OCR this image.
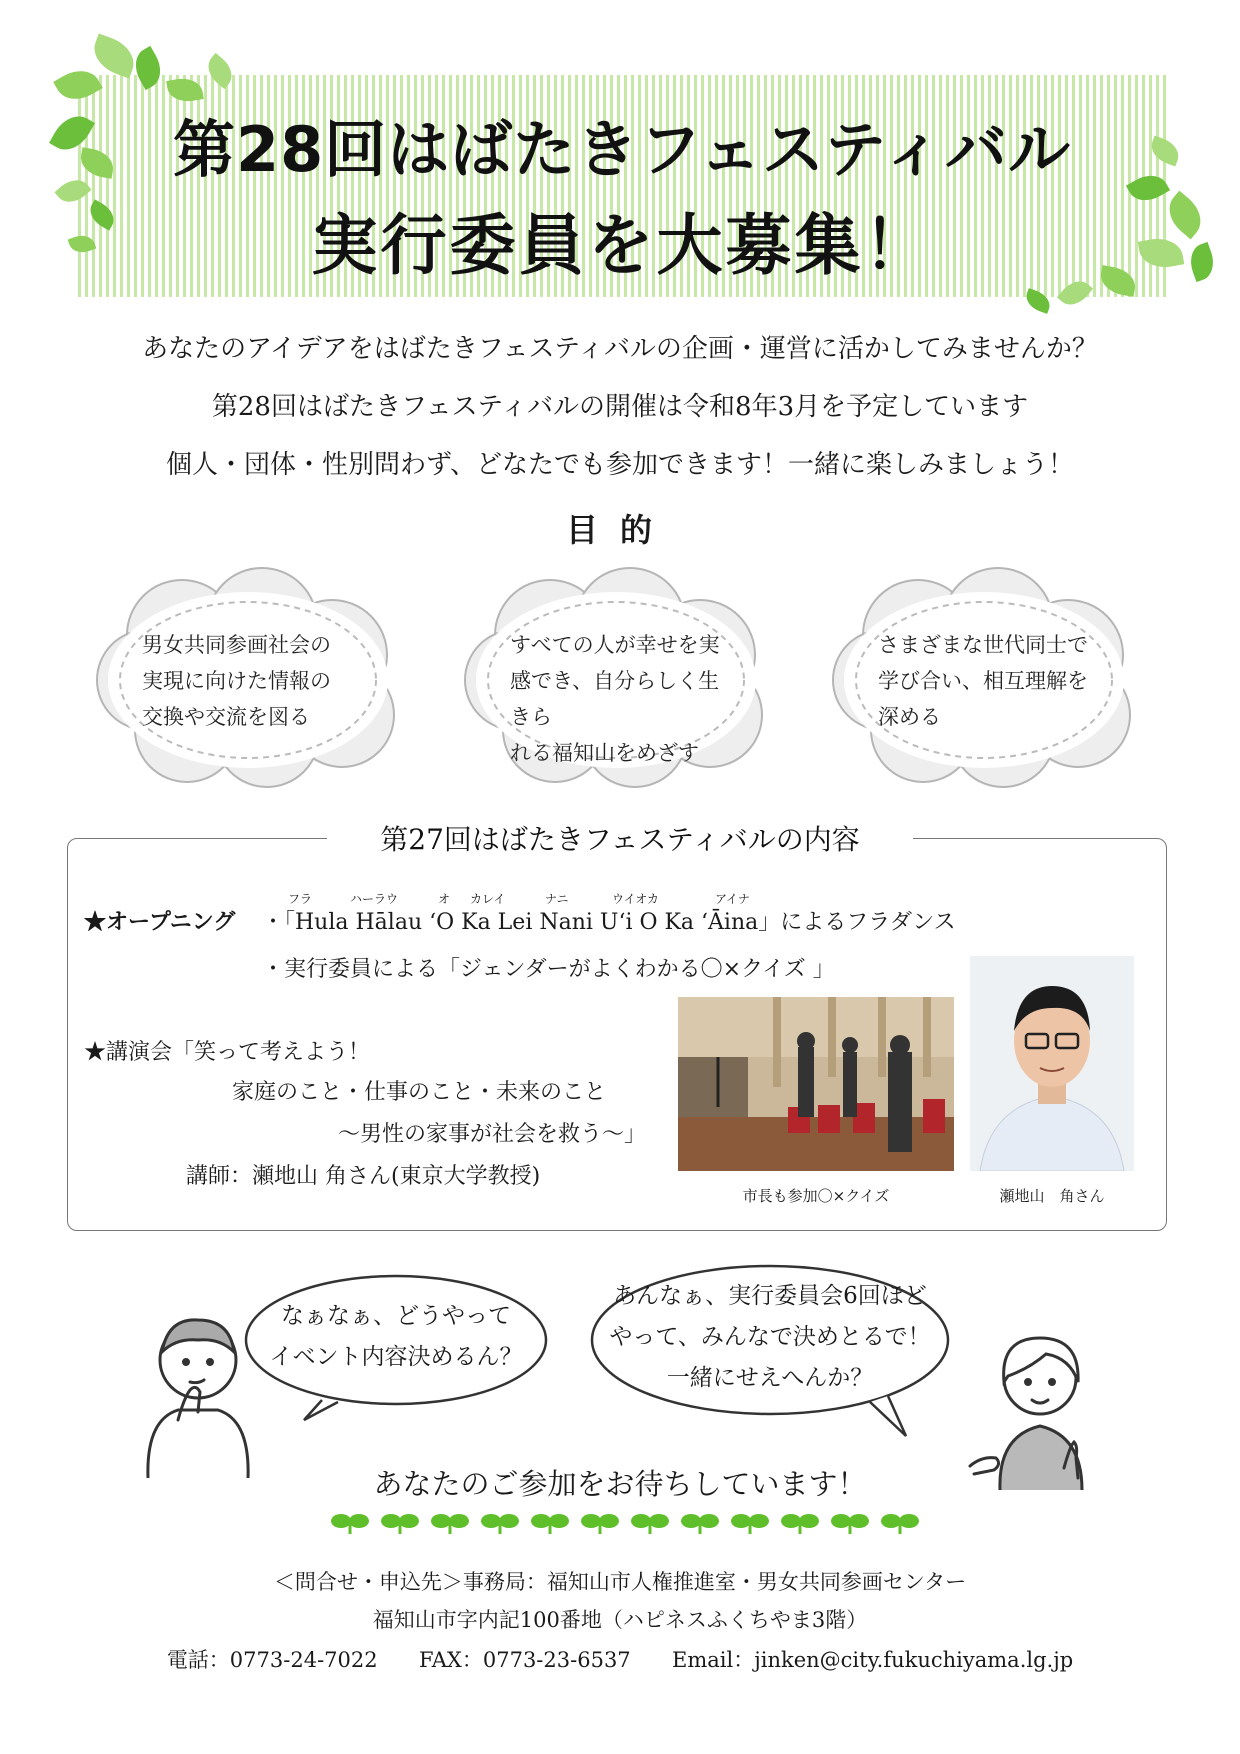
第28回はばたきフェスティバル
実行委員を大募集！

あなたのアイデアをはばたきフェスティバルの企画・運営に活かしてみませんか？

第28回はばたきフェスティバルの開催は令和8年3月を予定しています

個人・団体・性別問わず、どなたでも参加できます！一緒に楽しみましょう！

目的
男女共同参画社会の
実現に向けた情報の
交換や交流を図る
すべての人が幸せを実
感でき、自分らしく生きら
れる福知山をめざす
さまざまな世代同士で
学び合い、相互理解を
深める
第27回はばたきフェスティバルの内容
フラ	ハーラウ	オ カレイ	ナニ	ウイオカ	アイナ
★オープニング ・「Hula Hālau ʻO Ka Lei Nani Uʻi O Ka ʻĀina」によるフラダンス
・実行委員による「ジェンダーがよくわかる〇×クイズ 」
★講演会「笑って考えよう！
家庭のこと・仕事のこと・未来のこと
～男性の家事が社会を救う～」
講師：瀬地山 角さん(東京大学教授)
市長も参加〇×クイズ	瀬地山　角さん
なぁなぁ、どうやって
イベント内容決めるん？
あんなぁ、実行委員会6回ほど
やって、みんなで決めとるで！
一緒にせえへんか？
あなたのご参加をお待ちしています！
＜問合せ・申込先＞事務局：福知山市人権推進室・男女共同参画センター
福知山市字内記100番地（ハピネスふくちやま3階）
電話：0773-24-7022 FAX：0773-23-6537 Email：jinken@city.fukuchiyama.lg.jp
